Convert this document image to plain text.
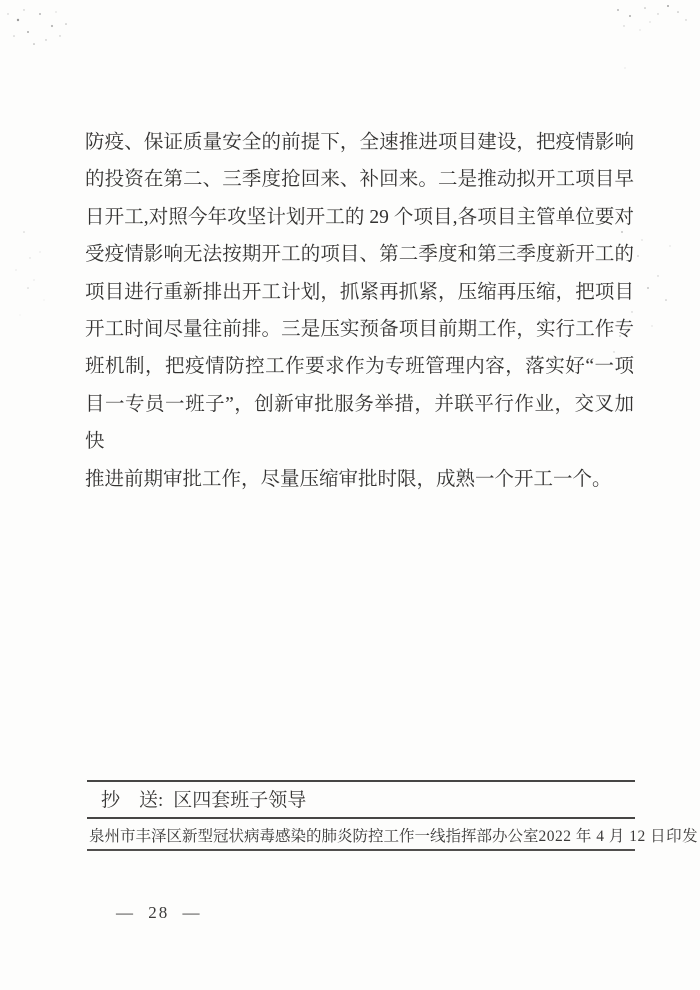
防疫、保证质量安全的前提下，全速推进项目建设，把疫情影响

的投资在第二、三季度抢回来、补回来。二是推动拟开工项目早

日开工,对照今年攻坚计划开工的 29 个项目,各项目主管单位要对

受疫情影响无法按期开工的项目、第二季度和第三季度新开工的

项目进行重新排出开工计划，抓紧再抓紧，压缩再压缩，把项目

开工时间尽量往前排。三是压实预备项目前期工作，实行工作专

班机制，把疫情防控工作要求作为专班管理内容，落实好“一项

目一专员一班子”，创新审批服务举措，并联平行作业，交叉加快

推进前期审批工作，尽量压缩审批时限，成熟一个开工一个。

抄　送: 区四套班子领导
泉州市丰泽区新型冠状病毒感染的肺炎防控工作一线指挥部办公室 2022 年 4 月 12 日印发
— 28 —
